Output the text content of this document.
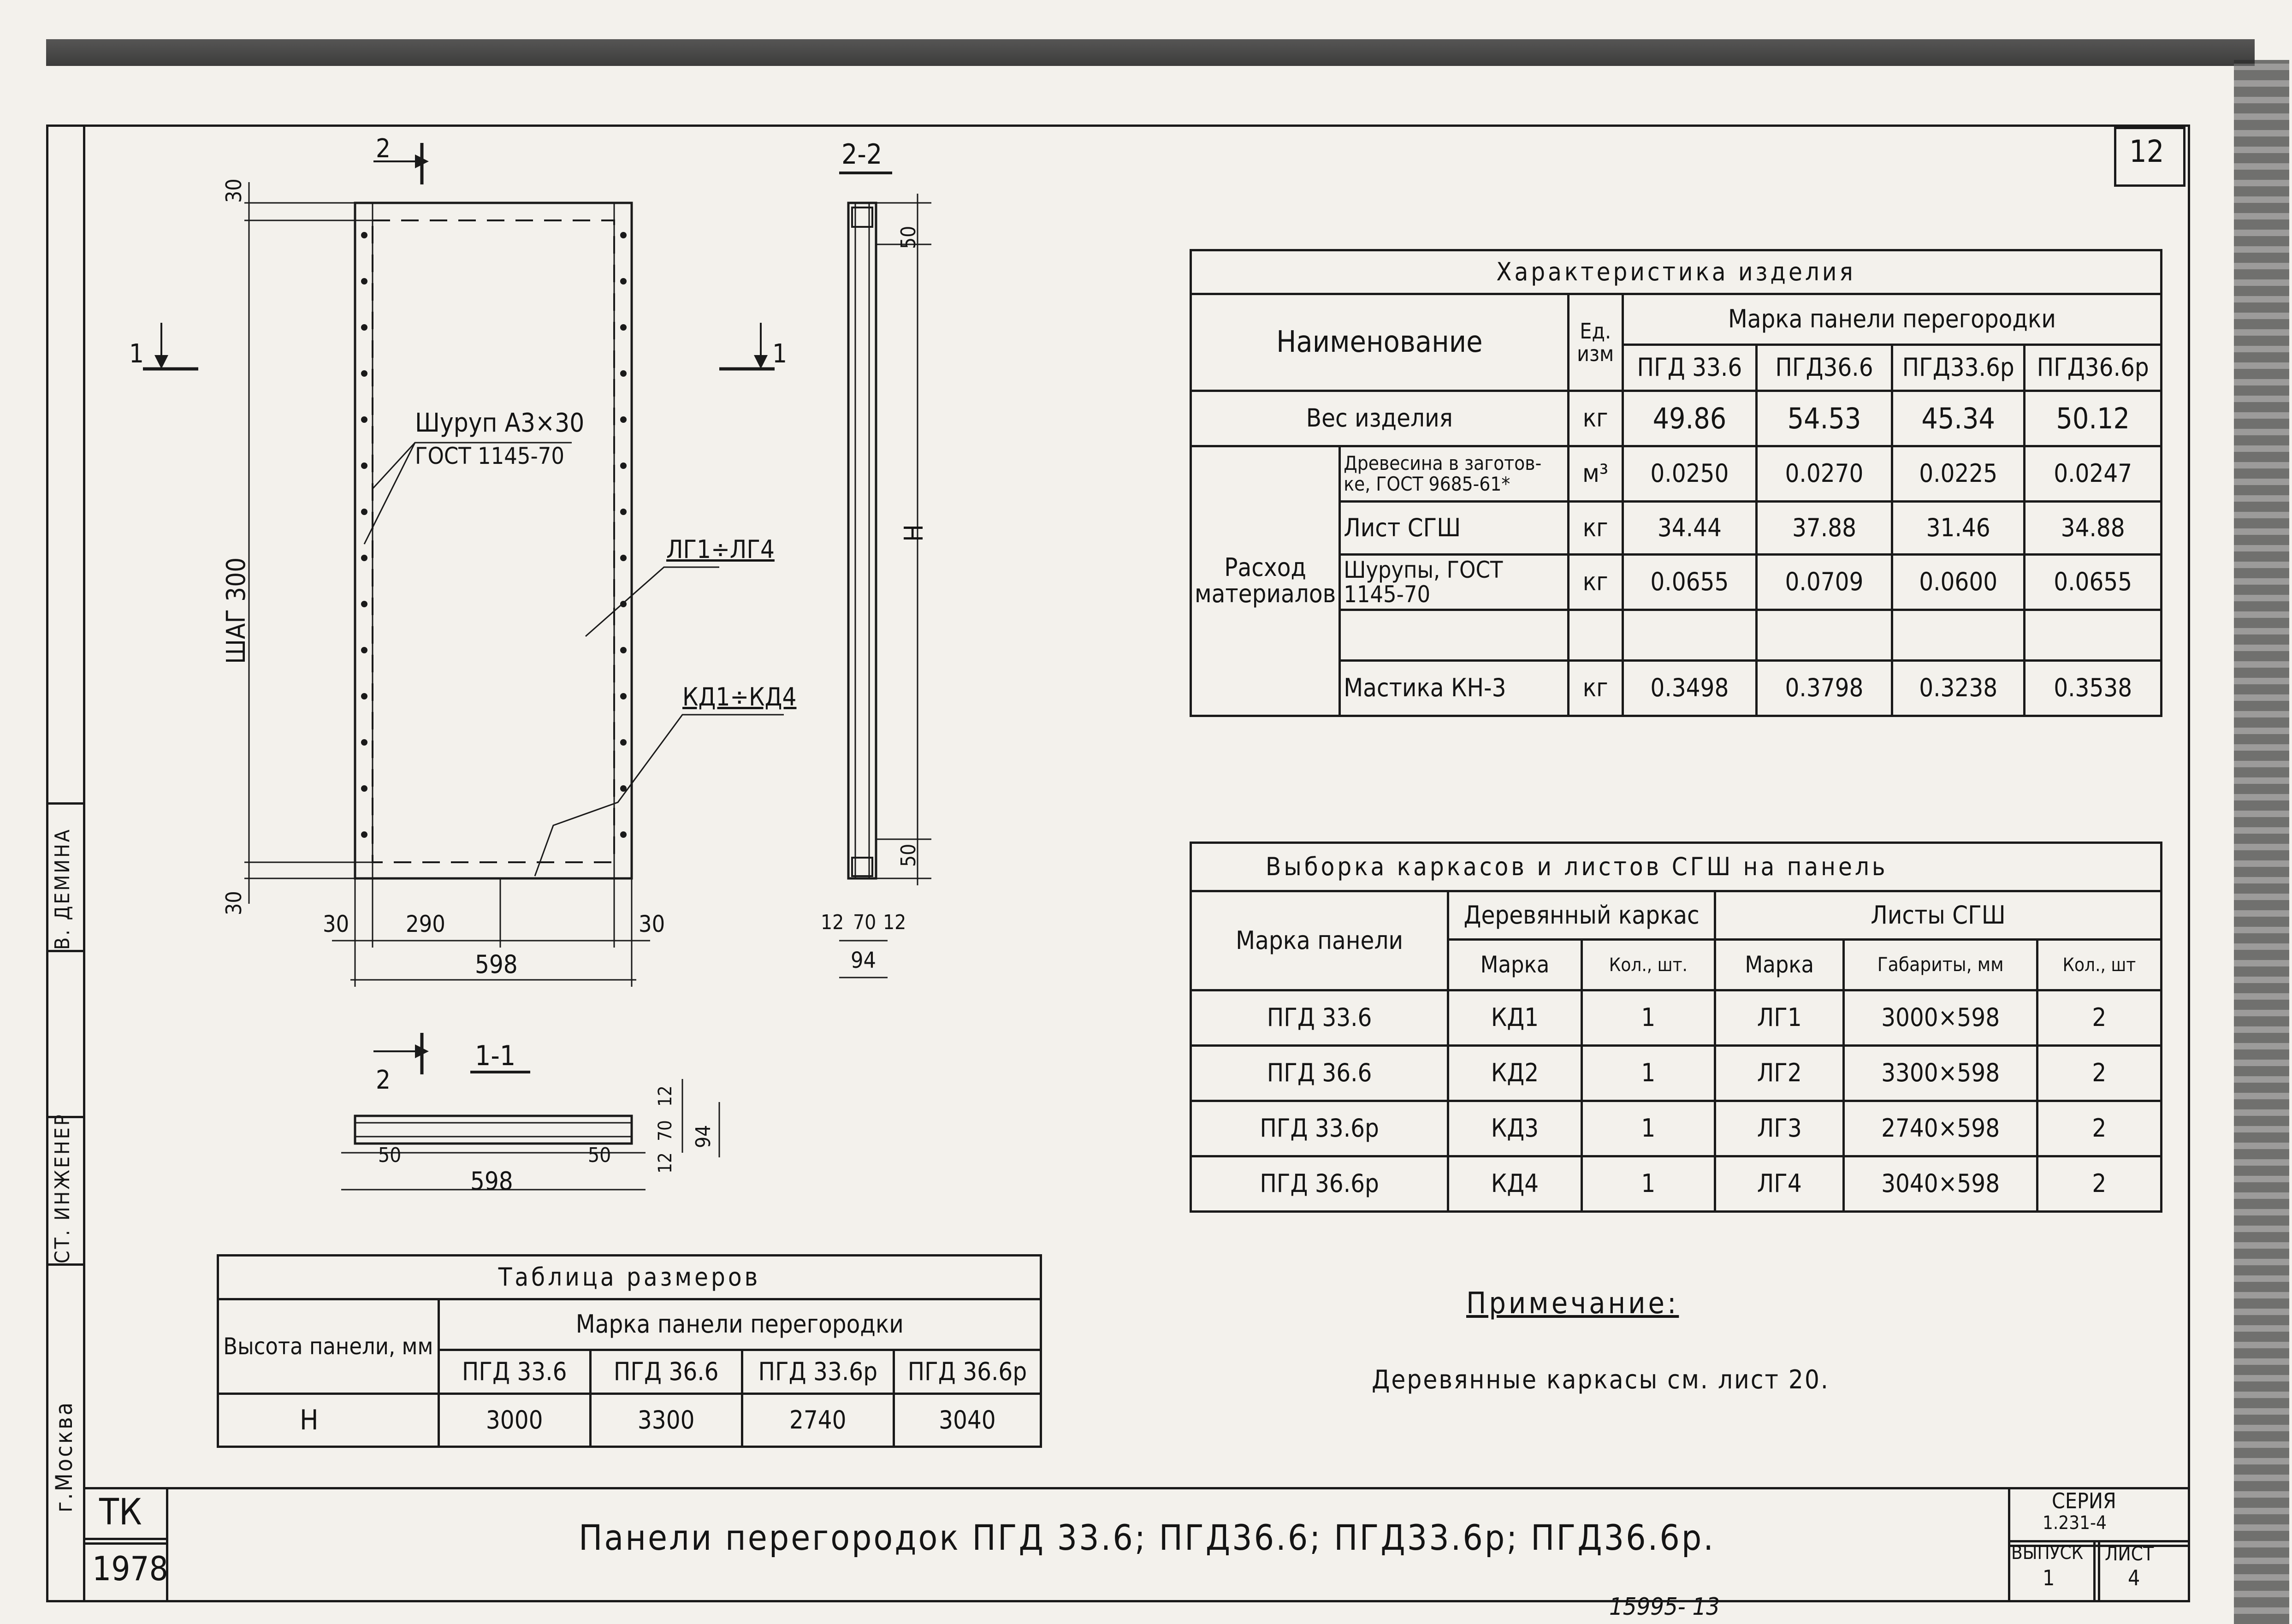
12
г.Москва
СТ. ИНЖЕНЕР
В. ДЕМИНА
2
1	1
Шуруп А3×30
ГОСТ 1145-70
ЛГ1÷ЛГ4
КД1÷КД4
ШАГ 300
30
30
30 290	30
598
2-2
50
50
Н
12 70 12
94
1-1
2
50	50
598
12
70
12
94
Характеристика изделия						
Наименование		Ед. изм	Марка панели перегородки			
			ПГД 33.6	ПГД36.6	ПГД33.6р	ПГД36.6р
Вес изделия		кг	49.86	54.53	45.34	50.12
Расход материалов	Древесина в заготов-ке, ГОСТ 9685-61*	м³	0.0250	0.0270	0.0225	0.0247
	Лист СГШ	кг	34.44	37.88	31.46	34.88
	Шурупы, ГОСТ 1145-70	кг	0.0655	0.0709	0.0600	0.0655

	Мастика КН-3	кг	0.3498	0.3798	0.3238	0.3538
Выборка каркасов и листов СГШ на панель					
Марка панели	Деревянный каркас		Листы СГШ		
	Марка	Кол., шт.	Марка	Габариты, мм	Кол., шт
ПГД 33.6	КД1	1	ЛГ1	3000×598	2
ПГД 36.6	КД2	1	ЛГ2	3300×598	2
ПГД 33.6р	КД3	1	ЛГ3	2740×598	2
ПГД 36.6р	КД4	1	ЛГ4	3040×598	2
Таблица размеров				
Высота панели, мм	Марка панели перегородки			
	ПГД 33.6	ПГД 36.6	ПГД 33.6р	ПГД 36.6р
Н	3000	3300	2740	3040
Примечание:
Деревянные каркасы см. лист 20.
ТК
1978
Панели перегородок ПГД 33.6; ПГД36.6; ПГД33.6р; ПГД36.6р.
СЕРИЯ
1.231-4
ВЫПУСК
1
ЛИСТ
4
15995- 13
